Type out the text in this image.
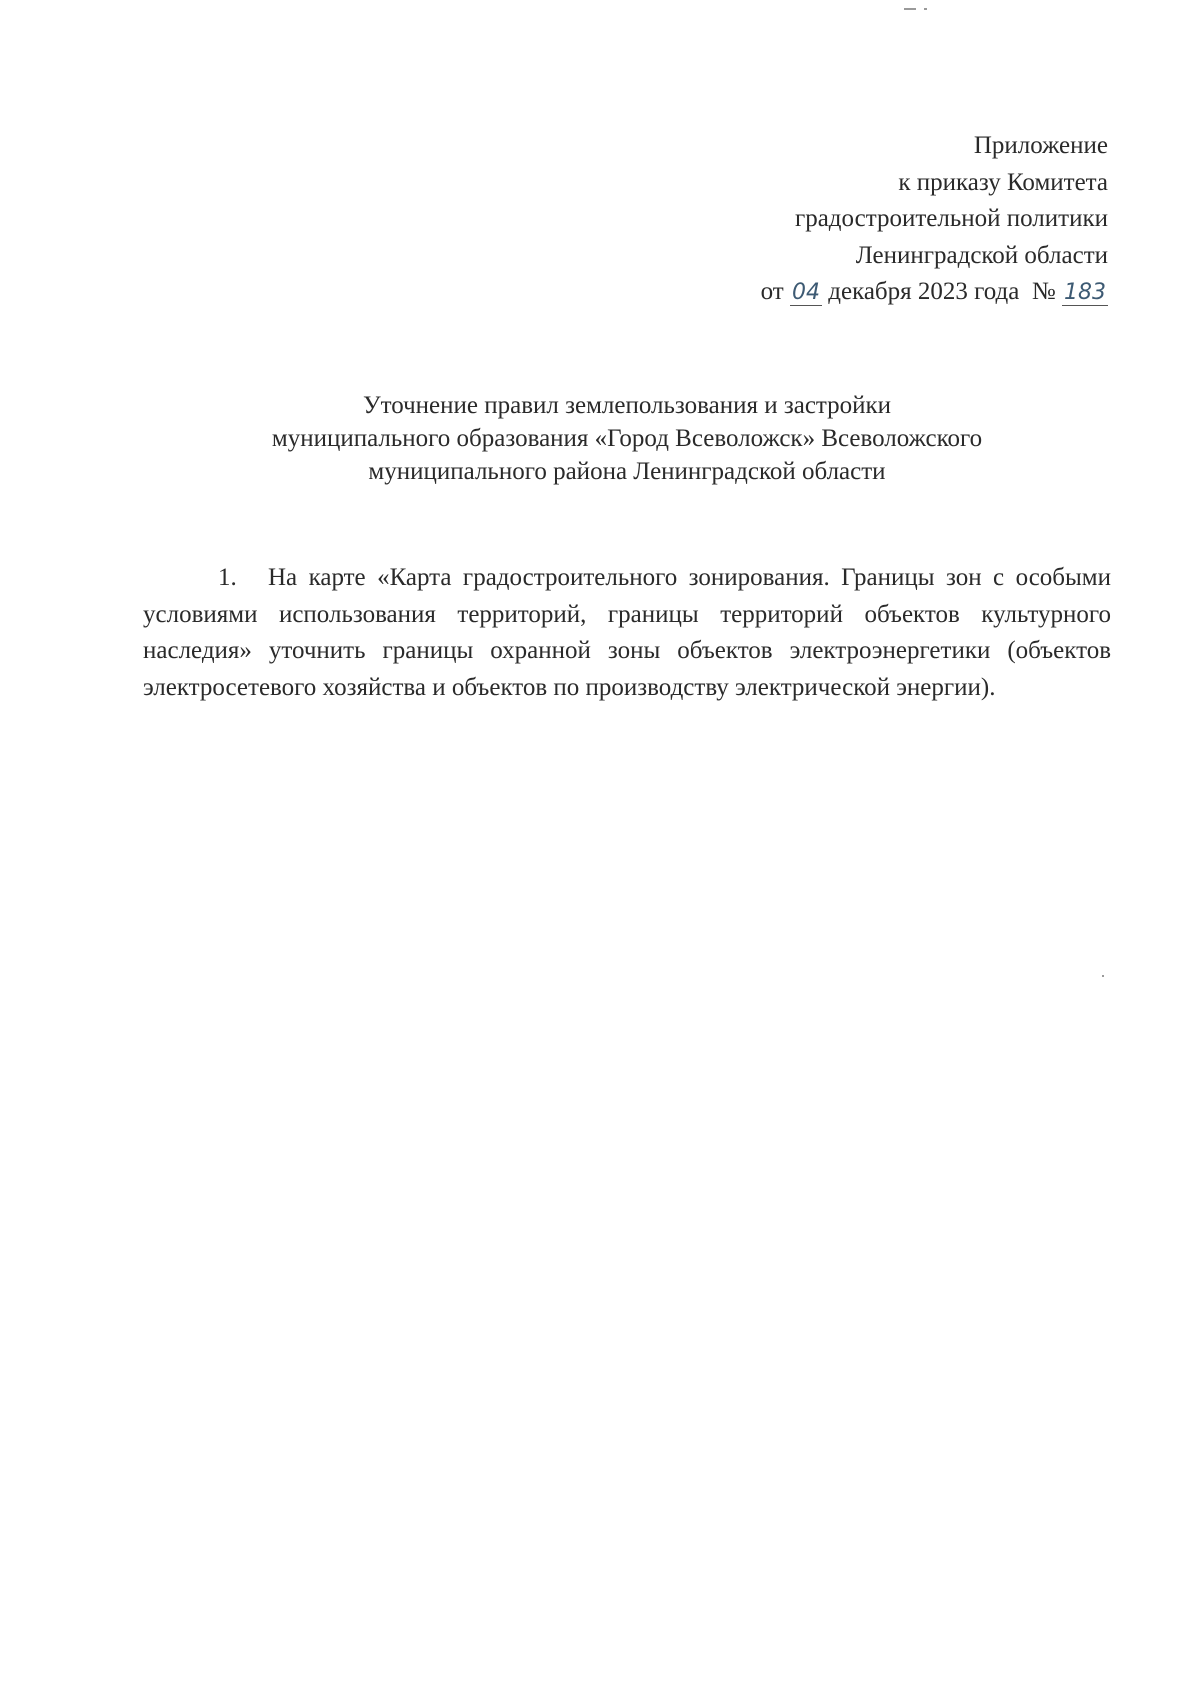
Приложение
к приказу Комитета
градостроительной политики
Ленинградской области
от 04 декабря 2023 года № 183
Уточнение правил землепользования и застройки
муниципального образования «Город Всеволожск» Всеволожского
муниципального района Ленинградской области

1. На карте «Карта градостроительного зонирования. Границы зон с особыми условиями использования территорий, границы территорий объектов культурного наследия» уточнить границы охранной зоны объектов электроэнергетики (объектов электросетевого хозяйства и объектов по производству электрической энергии).
